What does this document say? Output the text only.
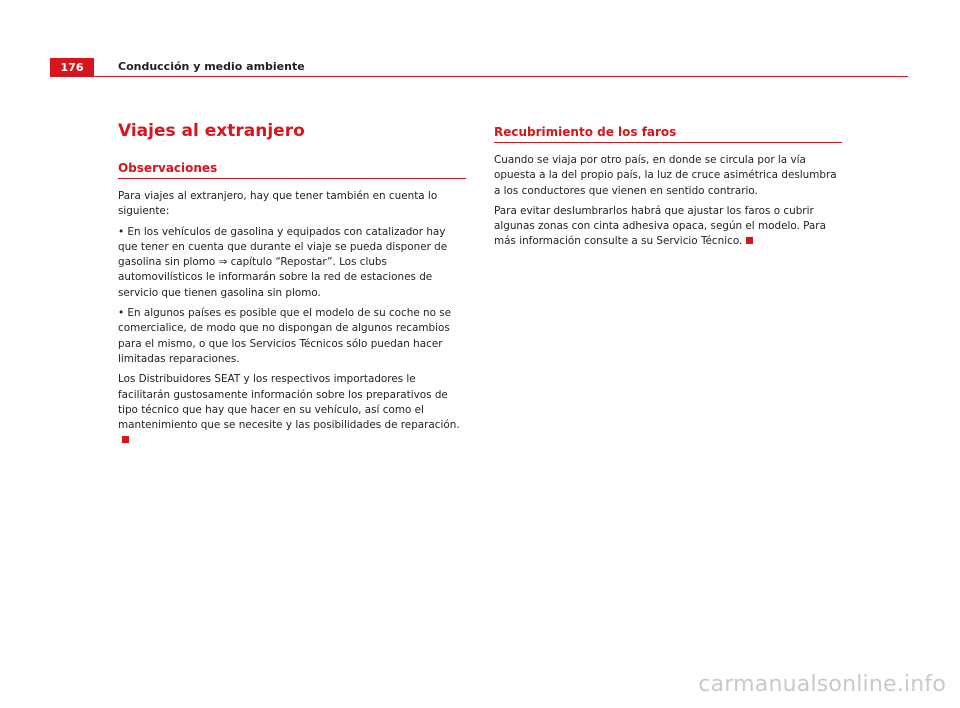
176	Conducción y medio ambiente
Viajes al extranjero
Observaciones

Para viajes al extranjero, hay que tener también en cuenta lo siguiente:

• En los vehículos de gasolina y equipados con catalizador hay que tener en cuenta que durante el viaje se pueda disponer de gasolina sin plomo ⇒ capítulo “Repostar”. Los clubs automovilísticos le informarán sobre la red de estaciones de servicio que tienen gasolina sin plomo.

• En algunos países es posible que el modelo de su coche no se comercialice, de modo que no dispongan de algunos recambios para el mismo, o que los Servicios Técnicos sólo puedan hacer limitadas reparaciones.

Los Distribuidores SEAT y los respectivos importadores le facilitarán gustosamente información sobre los preparativos de tipo técnico que hay que hacer en su vehículo, así como el mantenimiento que se necesite y las posibilidades de reparación.

Recubrimiento de los faros

Cuando se viaja por otro país, en donde se circula por la vía opuesta a la del propio país, la luz de cruce asimétrica deslumbra a los conductores que vienen en sentido contrario.

Para evitar deslumbrarlos habrá que ajustar los faros o cubrir algunas zonas con cinta adhesiva opaca, según el modelo. Para más información consulte a su Servicio Técnico.

carmanualsonline.info
